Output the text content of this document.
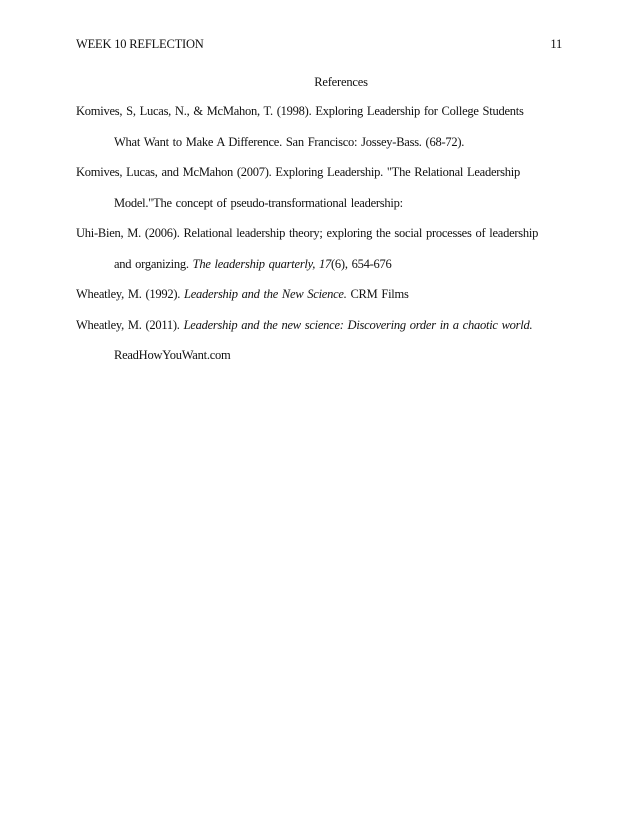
WEEK 10 REFLECTION	11
References
Komives, S, Lucas, N., & McMahon, T. (1998). Exploring Leadership for College Students
What Want to Make A Difference. San Francisco: Jossey-Bass. (68-72).
Komives, Lucas, and McMahon (2007). Exploring Leadership. "The Relational Leadership
Model."The concept of pseudo-transformational leadership:
Uhi-Bien, M. (2006). Relational leadership theory; exploring the social processes of leadership
and organizing. The leadership quarterly, 17(6), 654-676
Wheatley, M. (1992). Leadership and the New Science. CRM Films
Wheatley, M. (2011). Leadership and the new science: Discovering order in a chaotic world.
ReadHowYouWant.com
